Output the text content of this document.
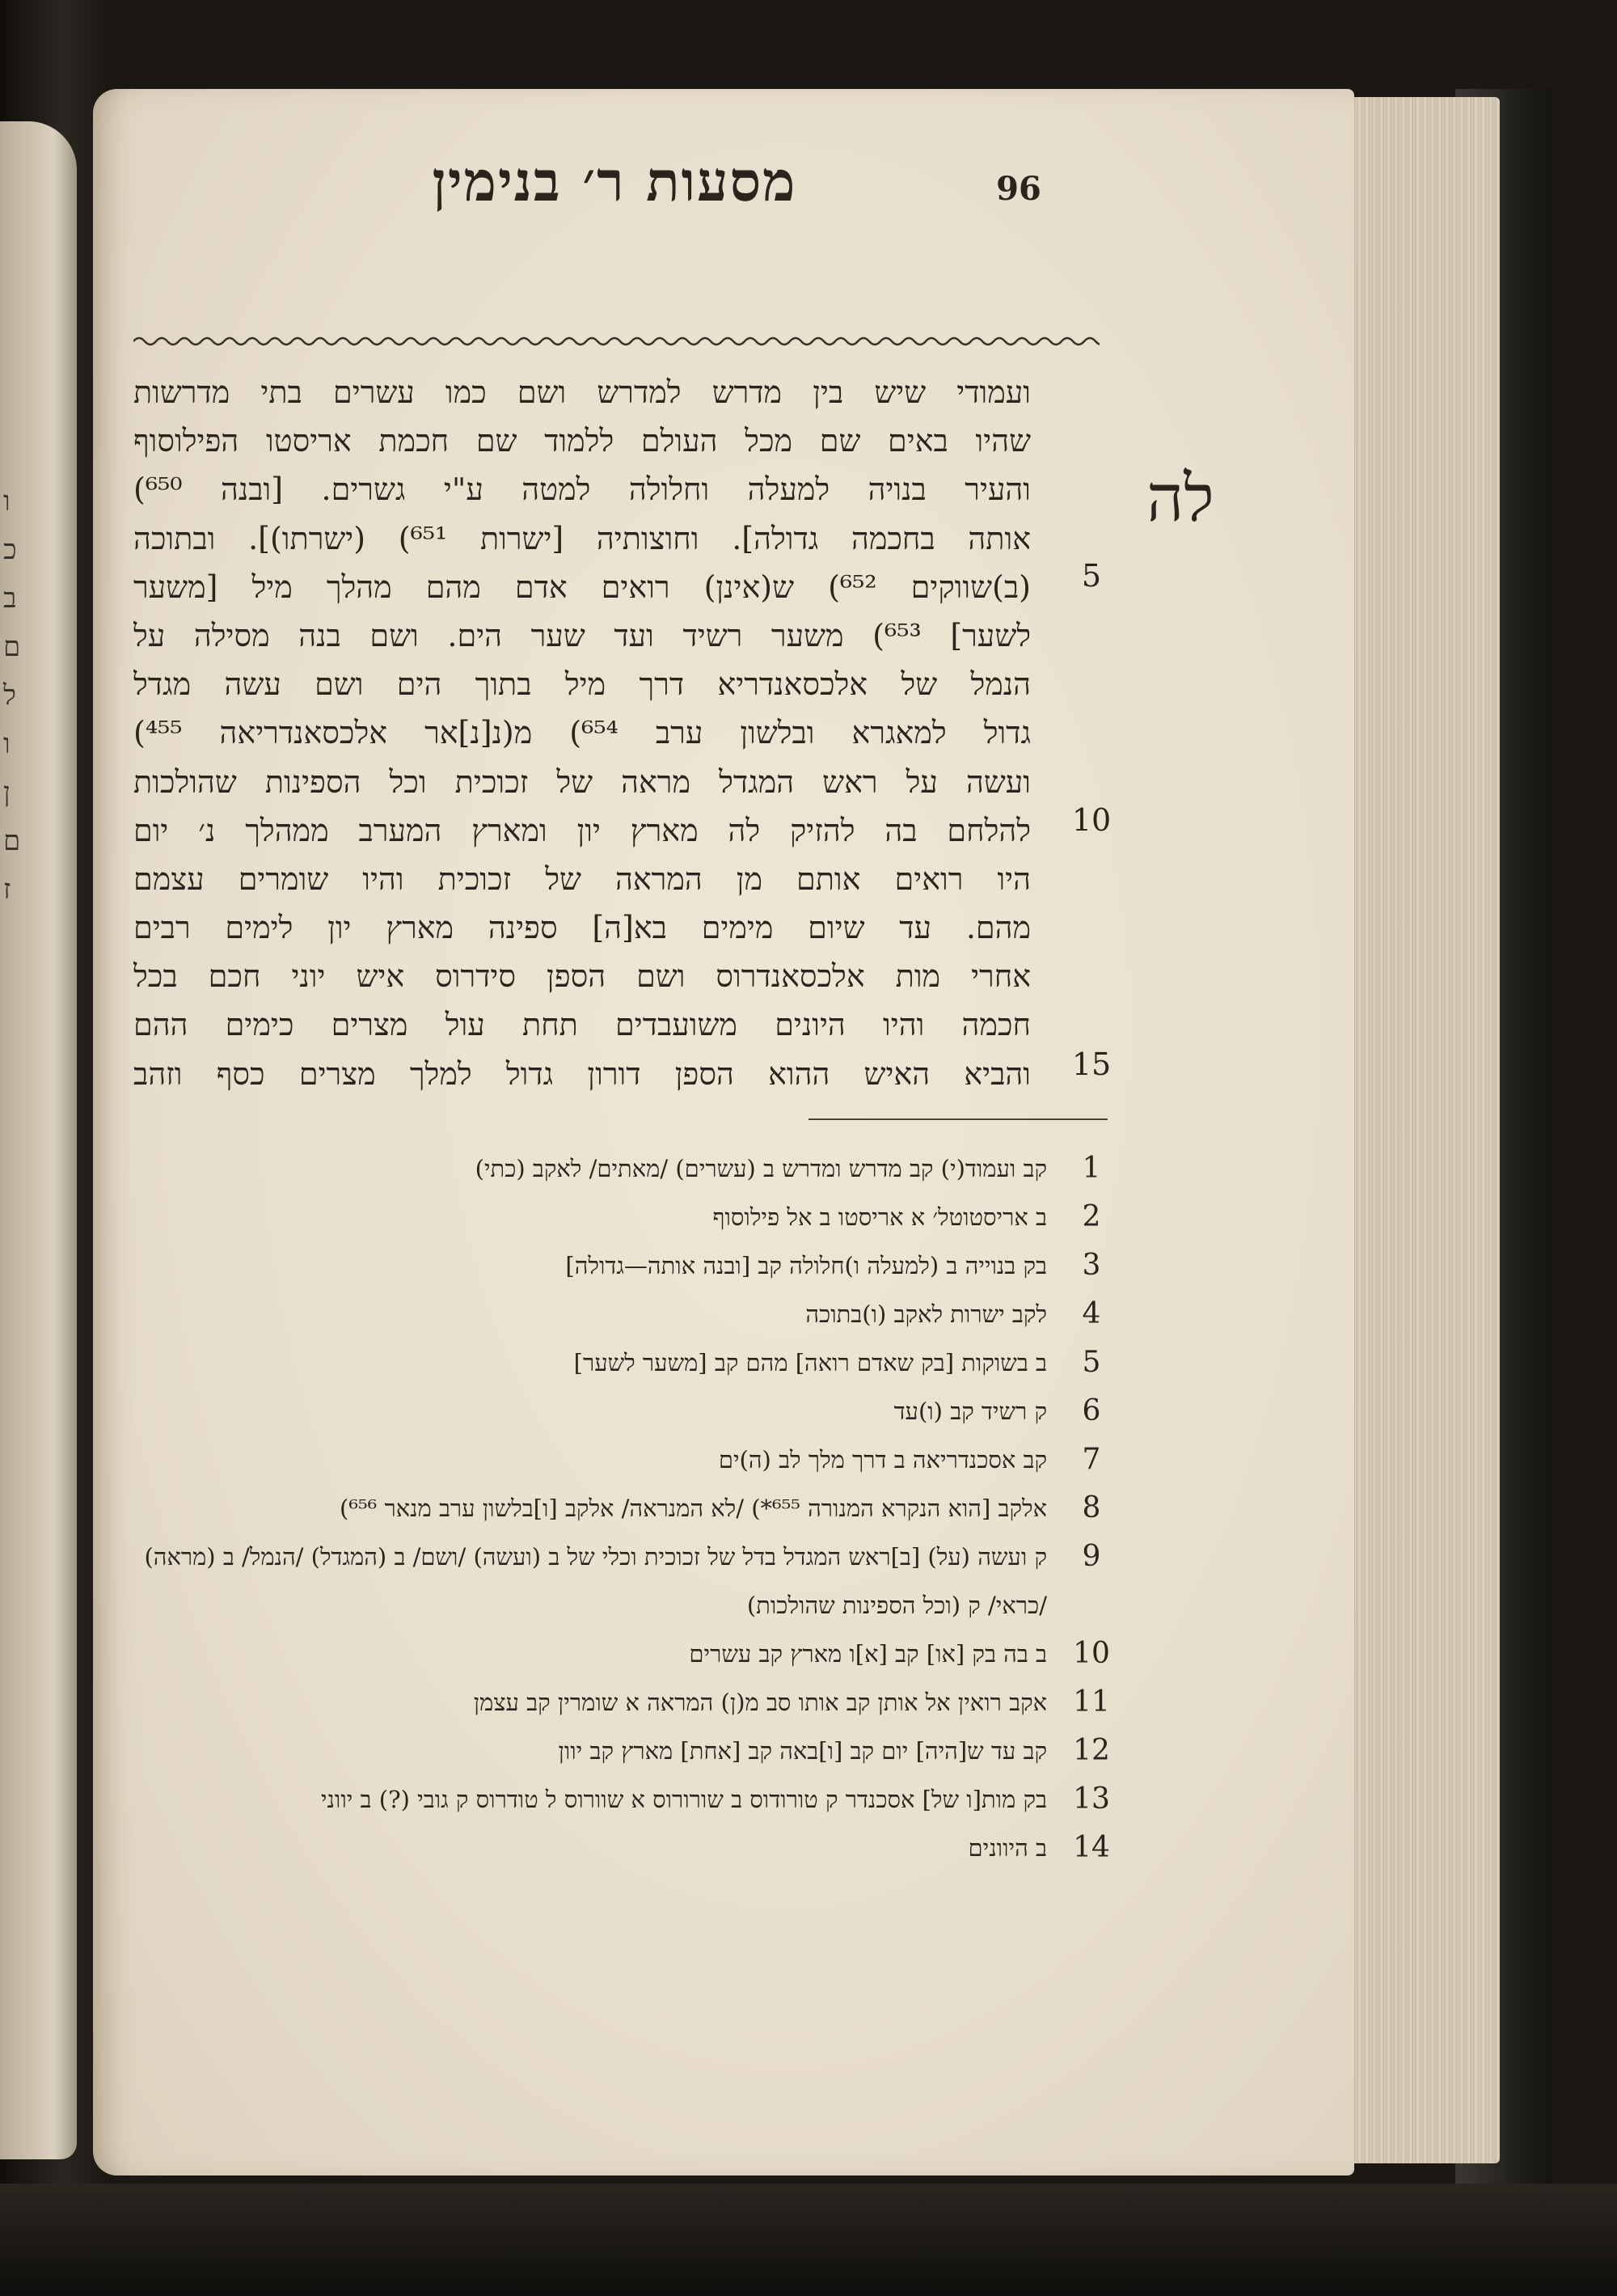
ו
כ
ב
ם
ל
ו
ן
ם
ז
96
מסעות ר׳ בנימין
לה
5
10
15
ועמודי שיש בין מדרש למדרש ושם כמו עשרים בתי מדרשות
שהיו באים שם מכל העולם ללמוד שם חכמת אריסטו הפילוסוף
והעיר בנויה למעלה וחלולה למטה ע"י גשרים. [ובנה ⁶⁵⁰)
אותה בחכמה גדולה]. וחוצותיה [ישרות ⁶⁵¹) (ישרתו)]. ובתוכה
(ב)שווקים ⁶⁵²) ש(אינן) רואים אדם מהם מהלך מיל [משער
לשער] ⁶⁵³) משער רשיד ועד שער הים. ושם בנה מסילה על
הנמל של אלכסאנדריא דרך מיל בתוך הים ושם עשה מגדל
גדול למאגרא ובלשון ערב ⁶⁵⁴) מ(נ[נ]אר אלכסאנדריאה ⁴⁵⁵)
ועשה על ראש המגדל מראה של זכוכית וכל הספינות שהולכות
להלחם בה להזיק לה מארץ יון ומארץ המערב ממהלך נ׳ יום
היו רואים אותם מן המראה של זכוכית והיו שומרים עצמם
מהם. עד שיום מימים בא[ה] ספינה מארץ יון לימים רבים
אחרי מות אלכסאנדרוס ושם הספן סידרוס איש יוני חכם בכל
חכמה והיו היונים משועבדים תחת עול מצרים כימים ההם
והביא האיש ההוא הספן דורון גדול למלך מצרים כסף וזהב
1
קב ועמוד(י) קב מדרש ומדרש ב (עשרים) /מאתים/ לאקב (כתי)
2
ב אריסטוטל׳ א אריסטו ב אל פילוסוף
3
בק בנוייה ב (למעלה ו)חלולה קב [ובנה אותה—גדולה]
4
לקב ישרות לאקב (ו)בתוכה
5
ב בשוקות [בק שאדם רואה] מהם קב [משער לשער]
6
ק רשיד קב (ו)עד
7
קב אסכנדריאה ב דרך מלך לב (ה)ים
8
אלקב [הוא הנקרא המנורה ⁶⁵⁵*) /לא המנראה/ אלקב [ו]בלשון ערב מנאר ⁶⁵⁶)
9
ק ועשה (על) [ב]ראש המגדל בדל של זכוכית וכלי של ב (ועשה) /ושם/ ב (המגדל) /הנמל/ ב (מראה) /כראי/ ק (וכל הספינות שהולכות)
10
ב בה בק [או] קב [א]ו מארץ קב עשרים
11
אקב רואין אל אותן קב אותו סב מ(ן) המראה א שומרין קב עצמן
12
קב עד ש[היה] יום קב [ו]באה קב [אחת] מארץ קב יוון
13
בק מות[ו של] אסכנדר ק טורודוס ב שורורוס א שוורוס ל טודרוס ק גובי (?) ב יווני
14
ב היוונים
